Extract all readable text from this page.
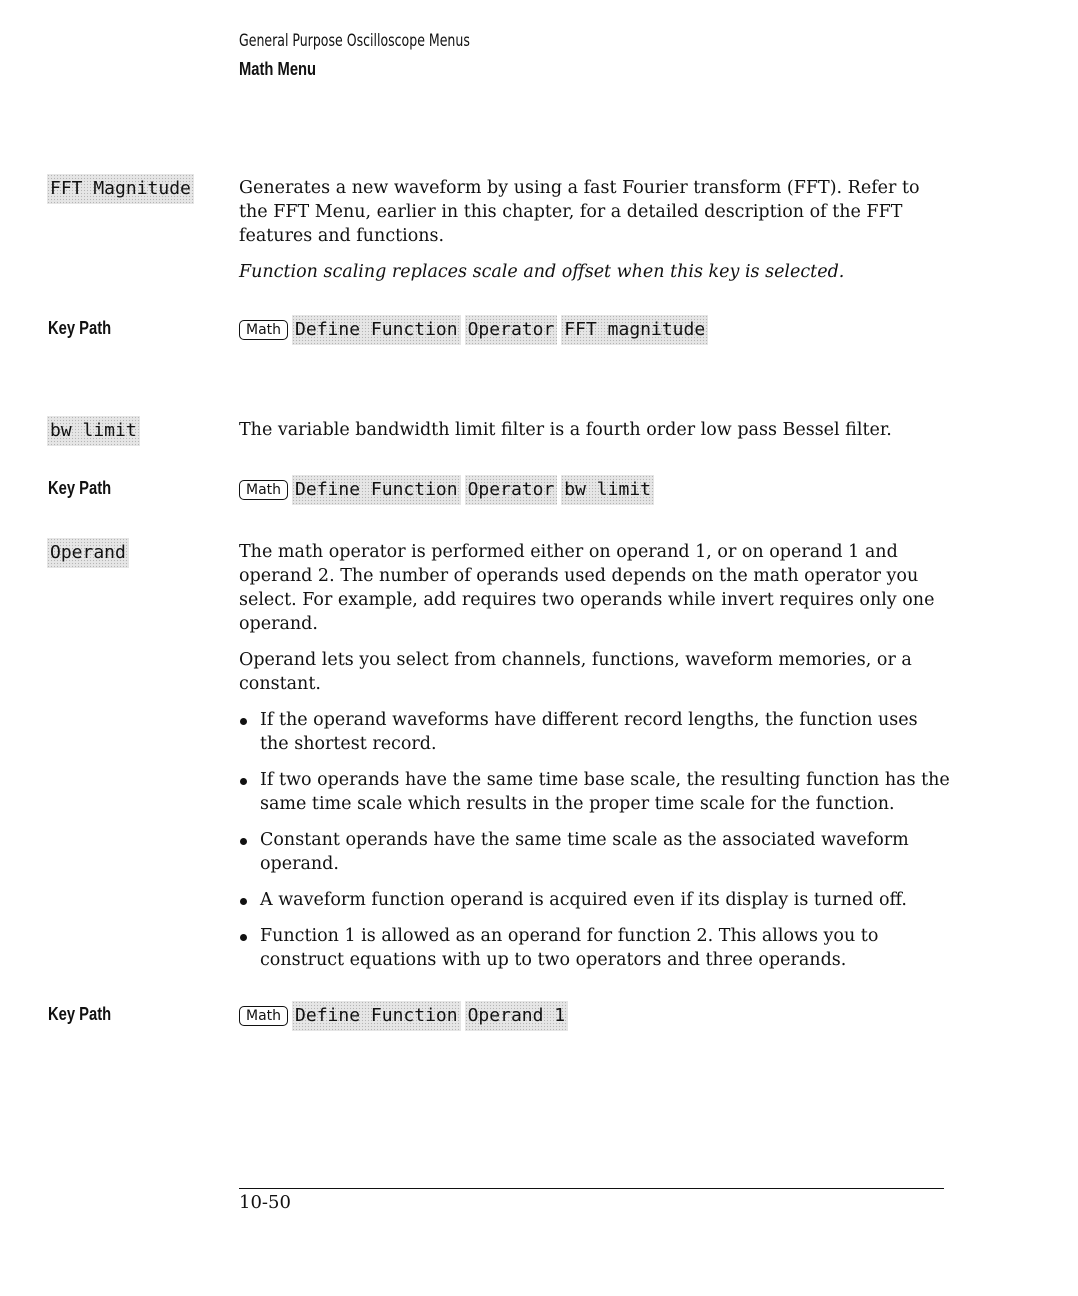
General Purpose Oscilloscope Menus
Math Menu
FFT Magnitude	Generates a new waveform by using a fast Fourier transform (FFT). Refer to the FFT Menu, earlier in this chapter, for a detailed description of the FFT features and functions.

Function scaling replaces scale and offset when this key is selected.

Key Path	Math Define Function Operator FFT magnitude
bw limit	The variable bandwidth limit filter is a fourth order low pass Bessel filter.

Key Path	Math Define Function Operator bw limit
Operand	The math operator is performed either on operand 1, or on operand 1 and operand 2. The number of operands used depends on the math operator you select. For example, add requires two operands while invert requires only one operand.

Operand lets you select from channels, functions, waveform memories, or a constant.

If the operand waveforms have different record lengths, the function uses the shortest record.
If two operands have the same time base scale, the resulting function has the same time scale which results in the proper time scale for the function.
Constant operands have the same time scale as the associated waveform operand.
A waveform function operand is acquired even if its display is turned off.
Function 1 is allowed as an operand for function 2. This allows you to construct equations with up to two operators and three operands.
Key Path	Math Define Function Operand 1
10-50
